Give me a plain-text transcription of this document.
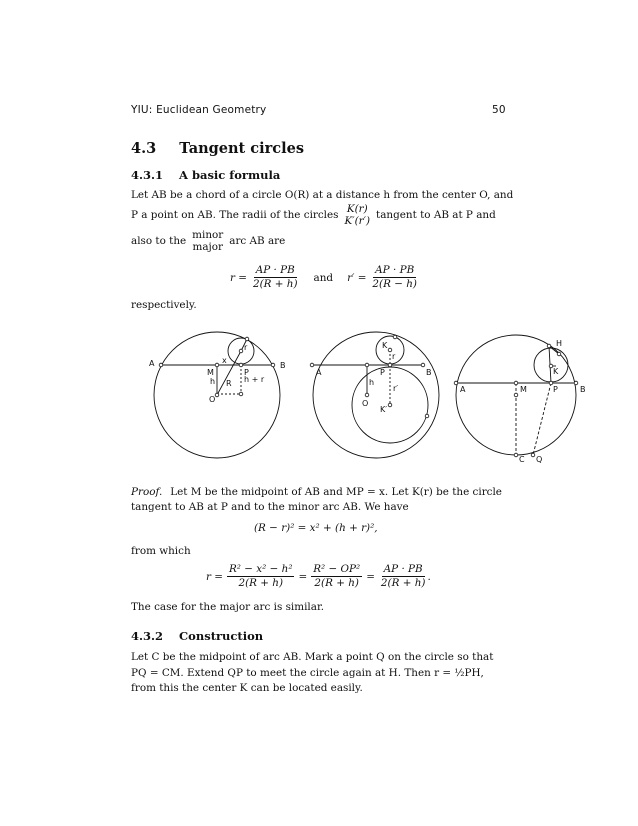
YIU: Euclidean Geometry	50
4.3 Tangent circles
4.3.1 A basic formula
Let AB be a chord of a circle O(R) at a distance h from the center O, and
P a point on AB. The radii of the circles K(r)
K′(r′)
tangent to AB at P and
also to the minor
major
arc AB are
$r = \frac{AP \cdot PB}{2(R + h)}$ and $r' = \frac{AP \cdot PB}{2(R - h)}$
respectively.
A	B
M	P
x
r
h R h + r
O
A	B
P
K
r
h
O
r′
K′
A	B
M	P
H
K
C Q
Proof. Let M be the midpoint of AB and MP = x. Let K(r) be the circle
tangent to AB at P and to the minor arc AB. We have
(R − r)² = x² + (h + r)²,
from which
$r = \frac{\text{R² − x² − h²}}{2(R + h)} = \frac{\text{R² − OP²}}{2(R + h)} = \frac{AP \cdot PB}{2(R + h)}$ .
The case for the major arc is similar.
4.3.2 Construction
Let C be the midpoint of arc AB. Mark a point Q on the circle so that
PQ = CM. Extend QP to meet the circle again at H. Then r = ½PH,
from this the center K can be located easily.
